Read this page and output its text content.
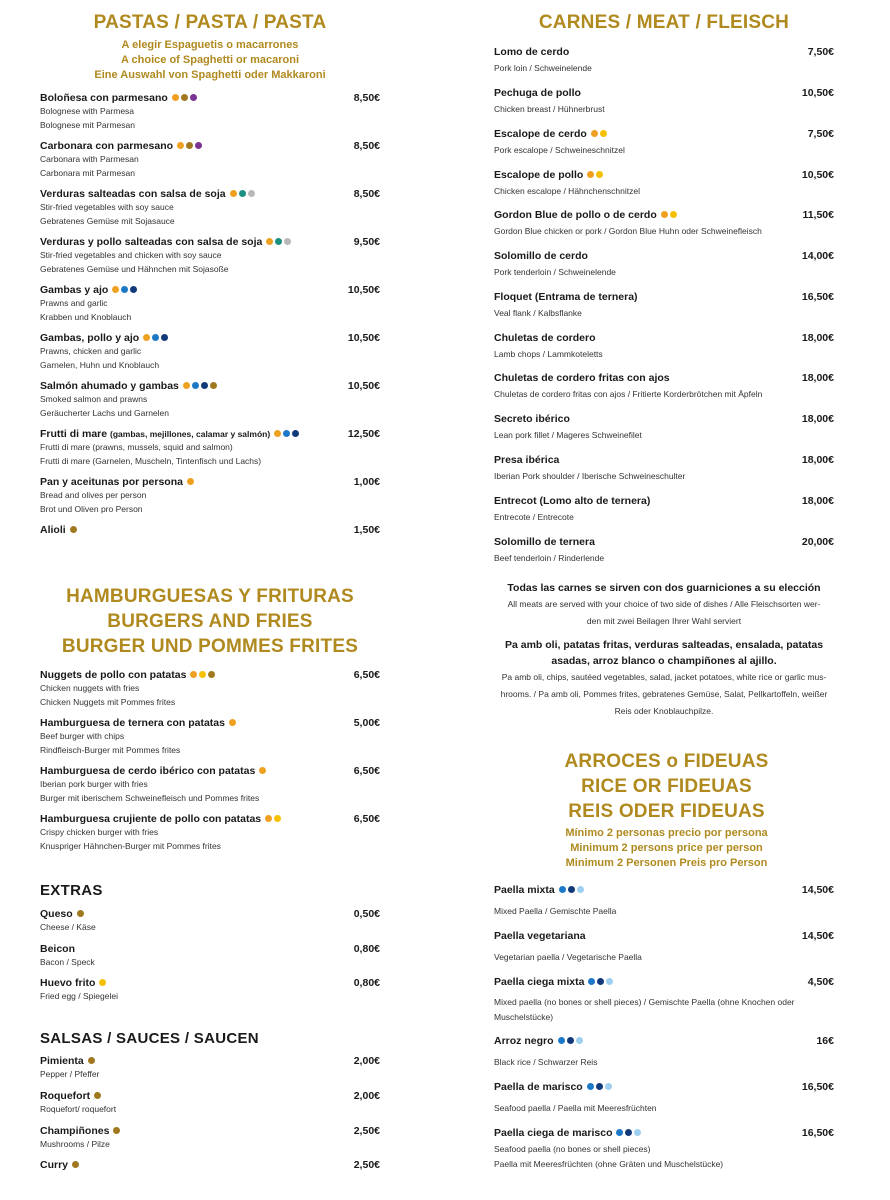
PASTAS / PASTA / PASTA
A elegir Espaguetis o macarrones
A choice of Spaghetti or macaroni
Eine Auswahl von Spaghetti oder Makkaroni
Boloñesa con parmesano	8,50€
Bolognese with Parmesa
Bolognese mit Parmesan
Carbonara con parmesano	8,50€
Carbonara with Parmesan
Carbonara mit Parmesan
Verduras salteadas con salsa de soja	8,50€
Stir-fried vegetables with soy sauce
Gebratenes Gemüse mit Sojasauce
Verduras y pollo salteadas con salsa de soja	9,50€
Stir-fried vegetables and chicken with soy sauce
Gebratenes Gemüse und Hähnchen mit Sojasoße
Gambas y ajo	10,50€
Prawns and garlic
Krabben und Knoblauch
Gambas, pollo y ajo	10,50€
Prawns, chicken and garlic
Garnelen, Huhn und Knoblauch
Salmón ahumado y gambas	10,50€
Smoked salmon and prawns
Geräucherter Lachs und Garnelen
Frutti di mare (gambas, mejillones, calamar y salmón)	12,50€
Frutti di mare (prawns, mussels, squid and salmon)
Frutti di mare (Garnelen, Muscheln, Tintenfisch und Lachs)
Pan y aceitunas por persona	1,00€
Bread and olives per person
Brot und Oliven pro Person
Alioli	1,50€
HAMBURGUESAS Y FRITURAS
BURGERS AND FRIES
BURGER UND POMMES FRITES
Nuggets de pollo con patatas	6,50€
Chicken nuggets with fries
Chicken Nuggets mit Pommes frites
Hamburguesa de ternera con patatas	5,00€
Beef burger with chips
Rindfleisch-Burger mit Pommes frites
Hamburguesa de cerdo ibérico con patatas	6,50€
Iberian pork burger with fries
Burger mit iberischem Schweinefleisch und Pommes frites
Hamburguesa crujiente de pollo con patatas	6,50€
Crispy chicken burger with fries
Knuspriger Hähnchen-Burger mit Pommes frites
EXTRAS
Queso	0,50€
Cheese / Käse
Beicon	0,80€
Bacon / Speck
Huevo frito	0,80€
Fried egg / Spiegelei
SALSAS / SAUCES / SAUCEN
Pimienta	2,00€
Pepper / Pfeffer
Roquefort	2,00€
Roquefort/ roquefort
Champiñones	2,50€
Mushrooms / Pilze
Curry	2,50€
CARNES / MEAT / FLEISCH
Lomo de cerdo	7,50€
Pork loin / Schweinelende
Pechuga de pollo	10,50€
Chicken breast / Hühnerbrust
Escalope de cerdo	7,50€
Pork escalope / Schweineschnitzel
Escalope de pollo	10,50€
Chicken escalope / Hähnchenschnitzel
Gordon Blue de pollo o de cerdo	11,50€
Gordon Blue chicken or pork / Gordon Blue Huhn oder Schweinefleisch
Solomillo de cerdo	14,00€
Pork tenderloin / Schweinelende
Floquet (Entrama de ternera)	16,50€
Veal flank / Kalbsflanke
Chuletas de cordero	18,00€
Lamb chops / Lammkoteletts
Chuletas de cordero fritas con ajos	18,00€
Chuletas de cordero fritas con ajos / Fritierte Korderbrötchen mit Äpfeln
Secreto ibérico	18,00€
Lean pork fillet / Mageres Schweinefilet
Presa ibérica	18,00€
Iberian Pork shoulder / Iberische Schweineschulter
Entrecot (Lomo alto de ternera)	18,00€
Entrecote / Entrecote
Solomillo de ternera	20,00€
Beef tenderloin / Rinderlende
Todas las carnes se sirven con dos guarniciones a su elección
All meats are served with your choice of two side of dishes / Alle Fleischsorten wer-
den mit zwei Beilagen Ihrer Wahl serviert
Pa amb oli, patatas fritas, verduras salteadas, ensalada, patatas
asadas, arroz blanco o champiñones al ajillo.
Pa amb oli, chips, sautéed vegetables, salad, jacket potatoes, white rice or garlic mus-
hrooms. / Pa amb oli, Pommes frites, gebratenes Gemüse, Salat, Pellkartoffeln, weißer
Reis oder Knoblauchpilze.
ARROCES o FIDEUAS
RICE OR FIDEUAS
REIS ODER FIDEUAS
Mínimo 2 personas precio por persona
Minimum 2 persons price per person
Minimum 2 Personen Preis pro Person
Paella mixta	14,50€
Mixed Paella / Gemischte Paella
Paella vegetariana	14,50€
Vegetarian paella / Vegetarische Paella
Paella ciega mixta	4,50€
Mixed paella (no bones or shell pieces) / Gemischte Paella (ohne Knochen oder
Muschelstücke)
Arroz negro	16€
Black rice / Schwarzer Reis
Paella de marisco	16,50€
Seafood paella / Paella mit Meeresfrüchten
Paella ciega de marisco	16,50€
Seafood paella (no bones or shell pieces)
Paella mit Meeresfrüchten (ohne Gräten und Muschelstücke)
